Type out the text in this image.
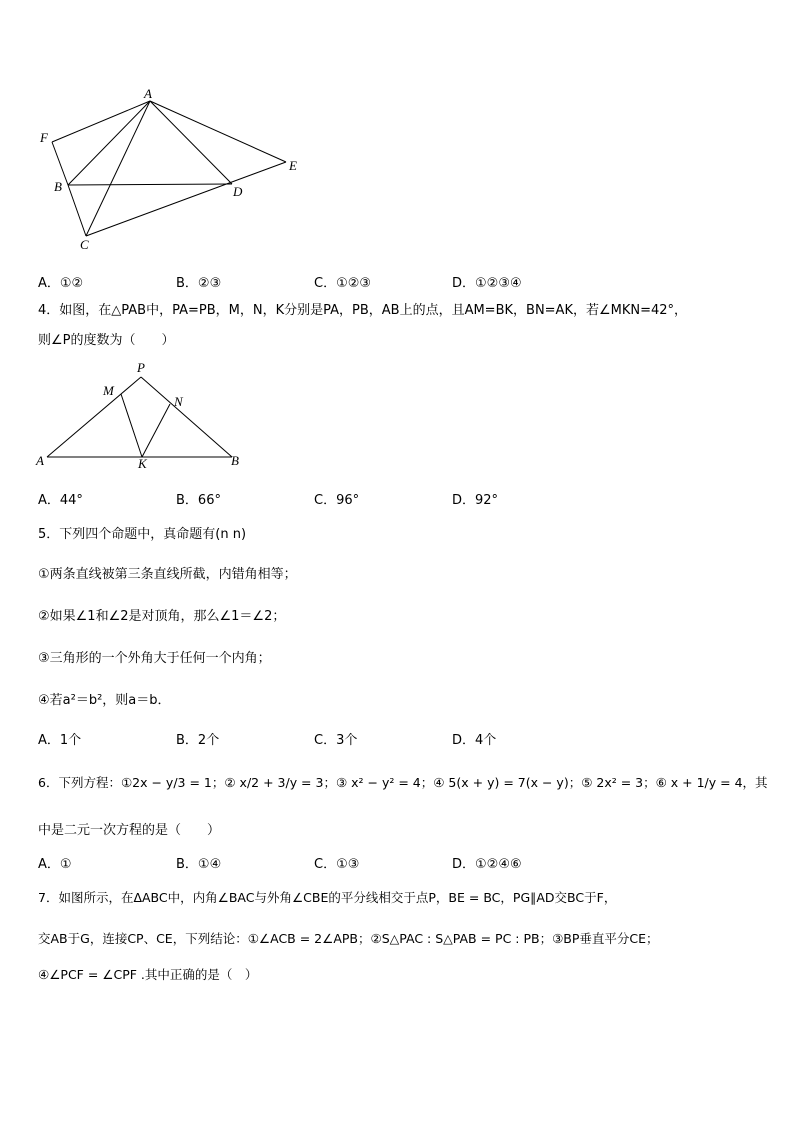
A
F
E
B	D
C
A．①②	B．②③	C．①②③	D．①②③④
4．如图，在△PAB中，PA=PB，M，N，K分别是PA，PB，AB上的点，且AM=BK，BN=AK，若∠MKN=42°，
则∠P的度数为（　　）
P
M
N
A	K	B
A．44°	B．66°	C．96°	D．92°
5．下列四个命题中，真命题有(n n)
①两条直线被第三条直线所截，内错角相等；
②如果∠1和∠2是对顶角，那么∠1＝∠2；
③三角形的一个外角大于任何一个内角；
④若a²＝b²，则a＝b．
A．1个	B．2个	C．3个	D．4个
6．下列方程：①2x − y/3 = 1；② x/2 + 3/y = 3；③ x² − y² = 4；④ 5(x + y) = 7(x − y)；⑤ 2x² = 3；⑥ x + 1/y = 4，其
中是二元一次方程的是（　　）
A．①	B．①④	C．①③	D．①②④⑥
7．如图所示，在ΔABC中，内角∠BAC与外角∠CBE的平分线相交于点P，BE = BC，PG∥AD交BC于F，
交AB于G，连接CP、CE，下列结论：①∠ACB = 2∠APB；②S△PAC : S△PAB = PC : PB；③BP垂直平分CE；
④∠PCF = ∠CPF .其中正确的是（　）
